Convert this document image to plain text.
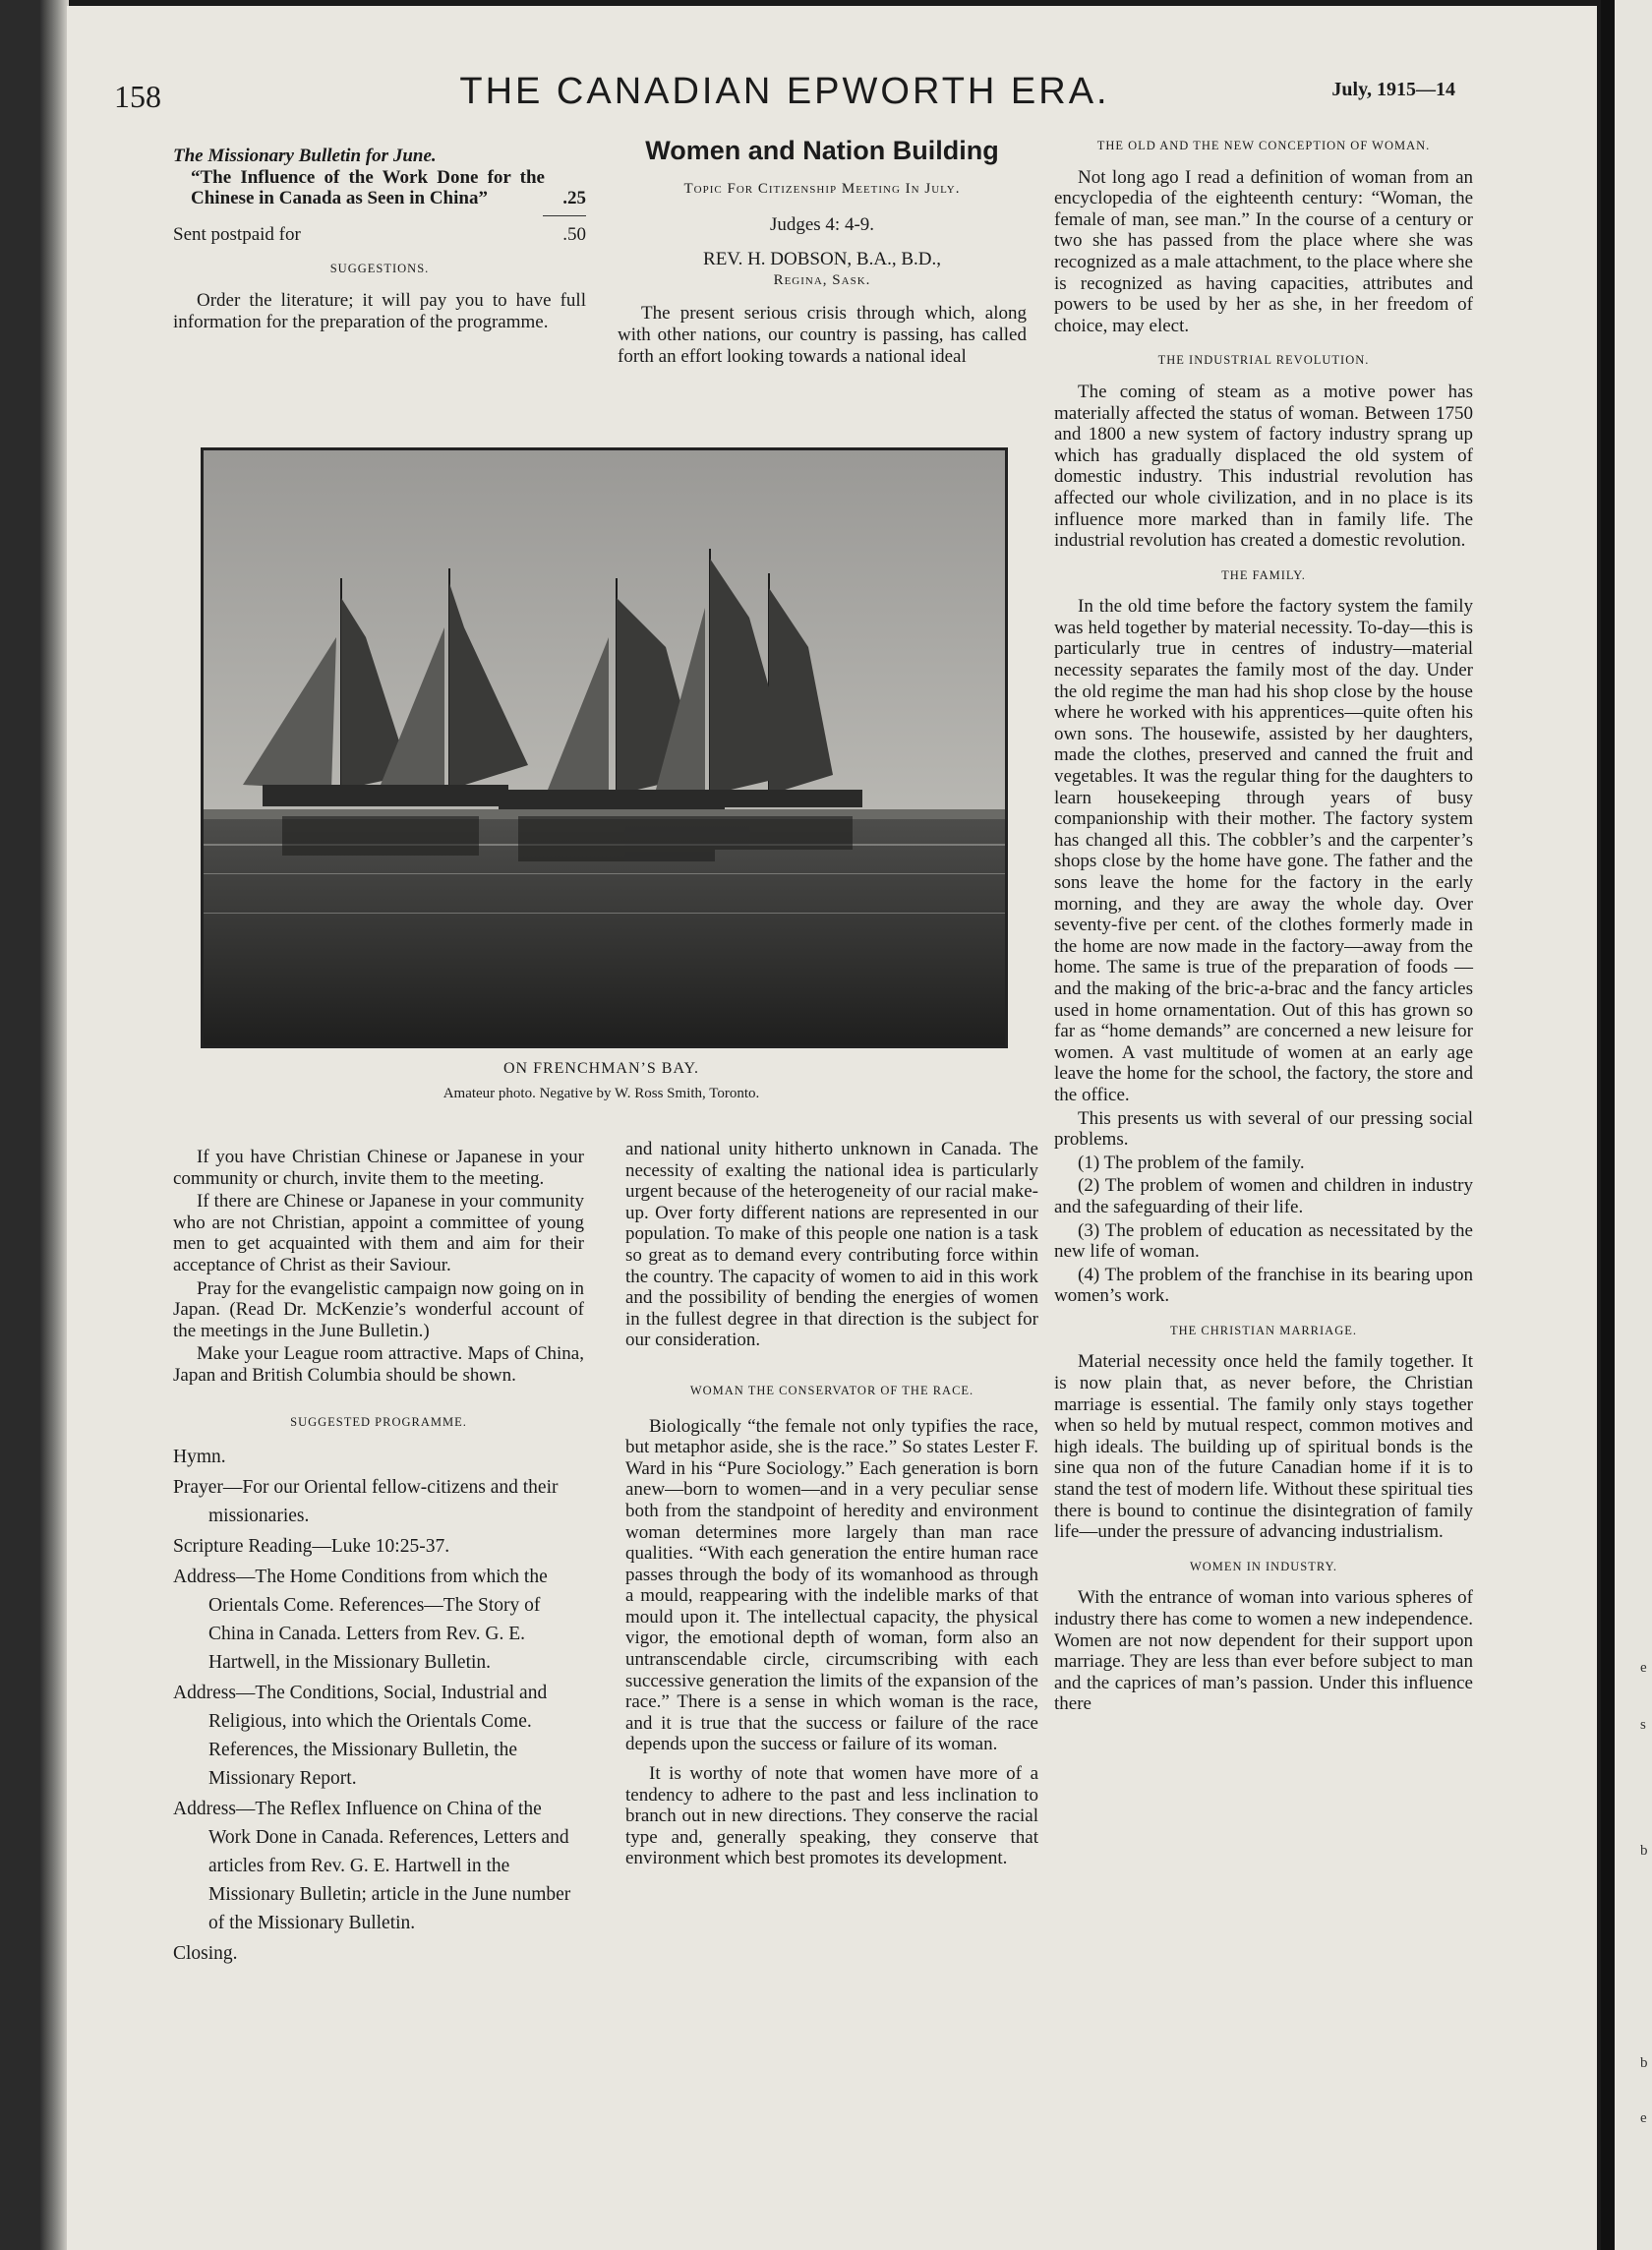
e
s
b
b
e
158	THE CANADIAN EPWORTH ERA.	July, 1915—14
The Missionary Bulletin for June.
“The Influence of the Work Done for the Chinese in Canada as Seen in China”	.25
Sent postpaid for	.50
SUGGESTIONS.

Order the literature; it will pay you to have full information for the preparation of the programme.

Women and Nation Building
Topic For Citizenship Meeting In July.
Judges 4: 4-9.
REV. H. DOBSON, B.A., B.D.,
Regina, Sask.

The present serious crisis through which, along with other nations, our country is passing, has called forth an effort looking towards a national ideal

THE OLD AND THE NEW CONCEPTION OF WOMAN.

Not long ago I read a definition of woman from an encyclopedia of the eighteenth century: “Woman, the female of man, see man.” In the course of a century or two she has passed from the place where she was recognized as a male attachment, to the place where she is recognized as having capacities, attributes and powers to be used by her as she, in her freedom of choice, may elect.

THE INDUSTRIAL REVOLUTION.

The coming of steam as a motive power has materially affected the status of woman. Between 1750 and 1800 a new system of factory industry sprang up which has gradually displaced the old system of domestic industry. This industrial revolution has affected our whole civilization, and in no place is its influence more marked than in family life. The industrial revolution has created a domestic revolution.

THE FAMILY.

In the old time before the factory system the family was held together by material necessity. To-day—this is particularly true in centres of industry—material necessity separates the family most of the day. Under the old regime the man had his shop close by the house where he worked with his apprentices—quite often his own sons. The housewife, assisted by her daughters, made the clothes, preserved and canned the fruit and vegetables. It was the regular thing for the daughters to learn housekeeping through years of busy companionship with their mother. The factory system has changed all this. The cobbler’s and the carpenter’s shops close by the home have gone. The father and the sons leave the home for the factory in the early morning, and they are away the whole day. Over seventy-five per cent. of the clothes formerly made in the home are now made in the factory—away from the home. The same is true of the preparation of foods —and the making of the bric-a-brac and the fancy articles used in home ornamentation. Out of this has grown so far as “home demands” are concerned a new leisure for women. A vast multitude of women at an early age leave the home for the school, the factory, the store and the office.

This presents us with several of our pressing social problems.

(1) The problem of the family.

(2) The problem of women and children in industry and the safeguarding of their life.

(3) The problem of education as necessitated by the new life of woman.

(4) The problem of the franchise in its bearing upon women’s work.

THE CHRISTIAN MARRIAGE.

Material necessity once held the family together. It is now plain that, as never before, the Christian marriage is essential. The family only stays together when so held by mutual respect, common motives and high ideals. The building up of spiritual bonds is the sine qua non of the future Canadian home if it is to stand the test of modern life. Without these spiritual ties there is bound to continue the disintegration of family life—under the pressure of advancing industrialism.

WOMEN IN INDUSTRY.

With the entrance of woman into various spheres of industry there has come to women a new independence. Women are not now dependent for their support upon marriage. They are less than ever before subject to man and the caprices of man’s passion. Under this influence there

ON FRENCHMAN’S BAY.
Amateur photo. Negative by W. Ross Smith, Toronto.

If you have Christian Chinese or Japanese in your community or church, invite them to the meeting.

If there are Chinese or Japanese in your community who are not Christian, appoint a committee of young men to get acquainted with them and aim for their acceptance of Christ as their Saviour.

Pray for the evangelistic campaign now going on in Japan. (Read Dr. McKenzie’s wonderful account of the meetings in the June Bulletin.)

Make your League room attractive. Maps of China, Japan and British Columbia should be shown.

SUGGESTED PROGRAMME.

Hymn.

Prayer—For our Oriental fellow-citizens and their missionaries.

Scripture Reading—Luke 10:25-37.

Address—The Home Conditions from which the Orientals Come. References—The Story of China in Canada. Letters from Rev. G. E. Hartwell, in the Missionary Bulletin.

Address—The Conditions, Social, Industrial and Religious, into which the Orientals Come. References, the Missionary Bulletin, the Missionary Report.

Address—The Reflex Influence on China of the Work Done in Canada. References, Letters and articles from Rev. G. E. Hartwell in the Missionary Bulletin; article in the June number of the Missionary Bulletin.

Closing.

and national unity hitherto unknown in Canada. The necessity of exalting the national idea is particularly urgent because of the heterogeneity of our racial make-up. Over forty different nations are represented in our population. To make of this people one nation is a task so great as to demand every contributing force within the country. The capacity of women to aid in this work and the possibility of bending the energies of women in the fullest degree in that direction is the subject for our consideration.

WOMAN THE CONSERVATOR OF THE RACE.

Biologically “the female not only typifies the race, but metaphor aside, she is the race.” So states Lester F. Ward in his “Pure Sociology.” Each generation is born anew—born to women—and in a very peculiar sense both from the standpoint of heredity and environment woman determines more largely than man race qualities. “With each generation the entire human race passes through the body of its womanhood as through a mould, reappearing with the indelible marks of that mould upon it. The intellectual capacity, the physical vigor, the emotional depth of woman, form also an untranscendable circle, circumscribing with each successive generation the limits of the expansion of the race.” There is a sense in which woman is the race, and it is true that the success or failure of the race depends upon the success or failure of its woman.

It is worthy of note that women have more of a tendency to adhere to the past and less inclination to branch out in new directions. They conserve the racial type and, generally speaking, they conserve that environment which best promotes its development.
